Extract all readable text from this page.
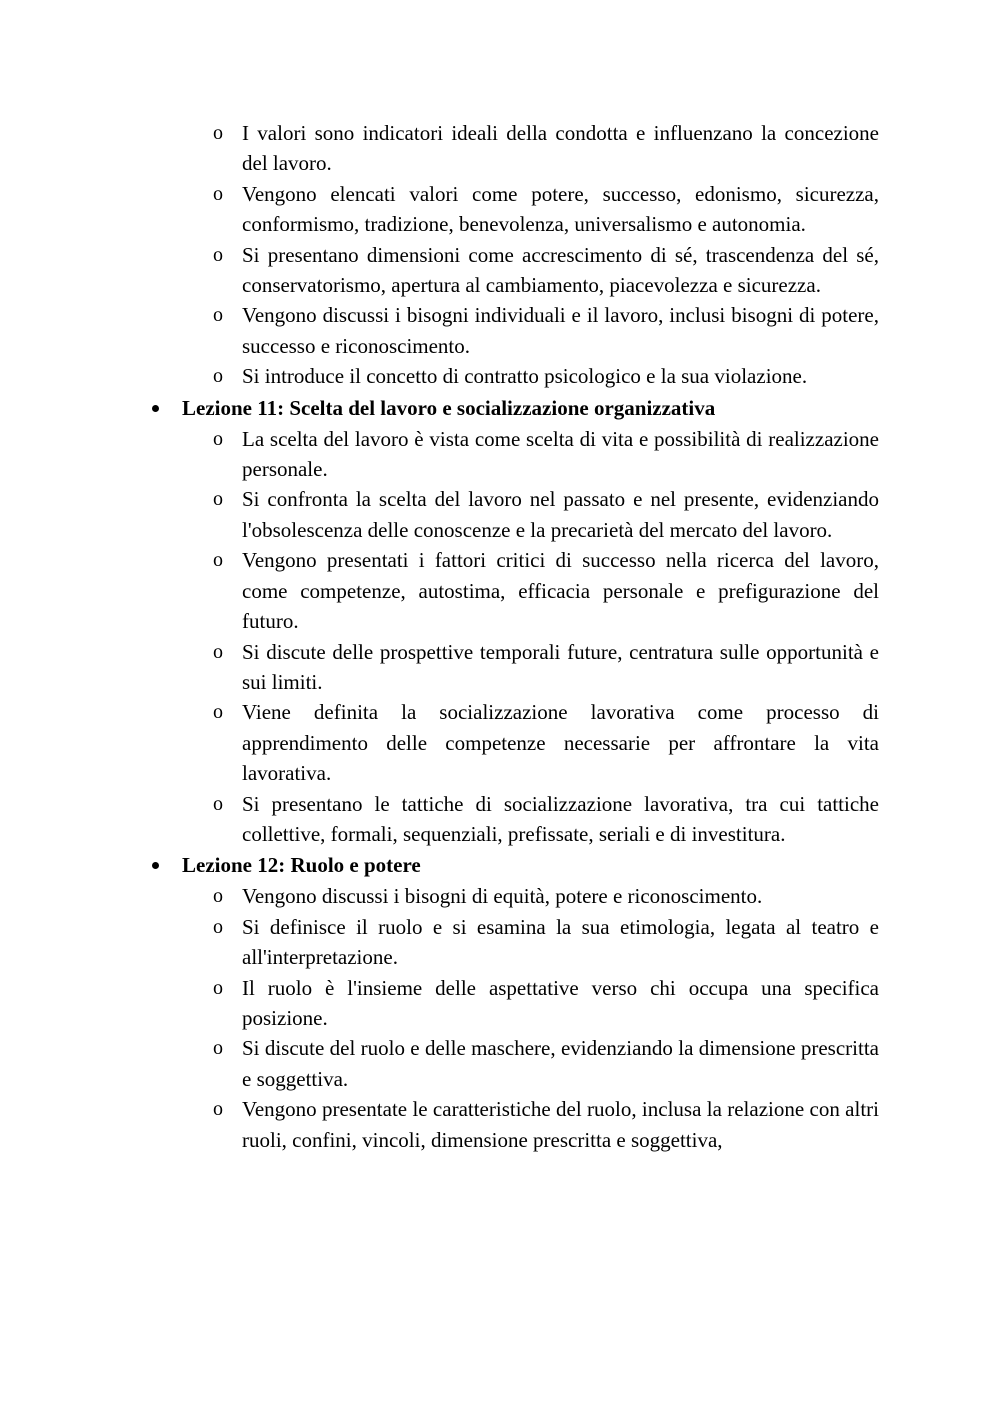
o I valori sono indicatori ideali della condotta e influenzano la concezione del lavoro.
o Vengono elencati valori come potere, successo, edonismo, sicurezza, conformismo, tradizione, benevolenza, universalismo e autonomia.
o Si presentano dimensioni come accrescimento di sé, trascendenza del sé, conservatorismo, apertura al cambiamento, piacevolezza e sicurezza.
o Vengono discussi i bisogni individuali e il lavoro, inclusi bisogni di potere, successo e riconoscimento.
o Si introduce il concetto di contratto psicologico e la sua violazione.
Lezione 11: Scelta del lavoro e socializzazione organizzativa
o La scelta del lavoro è vista come scelta di vita e possibilità di realizzazione personale.
o Si confronta la scelta del lavoro nel passato e nel presente, evidenziando l'obsolescenza delle conoscenze e la precarietà del mercato del lavoro.
o Vengono presentati i fattori critici di successo nella ricerca del lavoro, come competenze, autostima, efficacia personale e prefigurazione del futuro.
o Si discute delle prospettive temporali future, centratura sulle opportunità e sui limiti.
o Viene definita la socializzazione lavorativa come processo di apprendimento delle competenze necessarie per affrontare la vita lavorativa.
o Si presentano le tattiche di socializzazione lavorativa, tra cui tattiche collettive, formali, sequenziali, prefissate, seriali e di investitura.
Lezione 12: Ruolo e potere
o Vengono discussi i bisogni di equità, potere e riconoscimento.
o Si definisce il ruolo e si esamina la sua etimologia, legata al teatro e all'interpretazione.
o Il ruolo è l'insieme delle aspettative verso chi occupa una specifica posizione.
o Si discute del ruolo e delle maschere, evidenziando la dimensione prescritta e soggettiva.
o Vengono presentate le caratteristiche del ruolo, inclusa la relazione con altri ruoli, confini, vincoli, dimensione prescritta e soggettiva,
